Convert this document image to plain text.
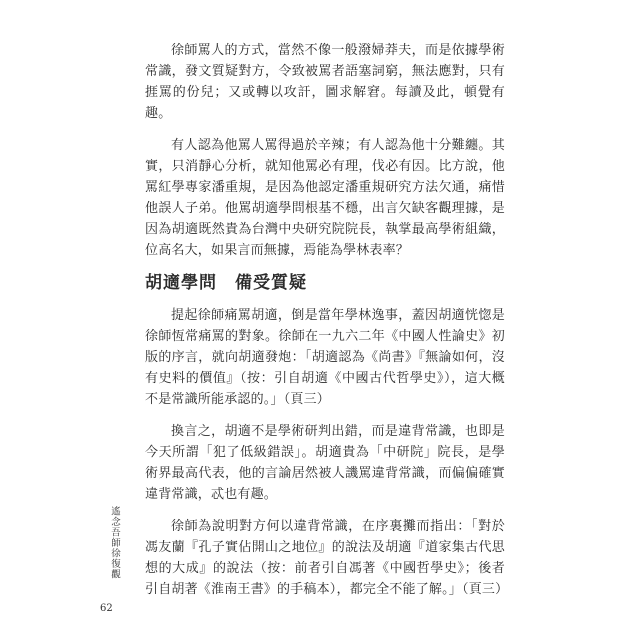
徐師罵人的方式，當然不像一般潑婦莽夫，而是依據學術常識，發文質疑對方，令致被罵者語塞詞窮，無法應對，只有捱罵的份兒；又或轉以攻訐，圖求解窘。每讀及此，頓覺有趣。

有人認為他罵人罵得過於辛辣；有人認為他十分難纏。其實，只消靜心分析，就知他罵必有理，伐必有因。比方說，他罵紅學專家潘重規，是因為他認定潘重規研究方法欠通，痛惜他誤人子弟。他罵胡適學問根基不穩，出言欠缺客觀理據，是因為胡適既然貴為台灣中央研究院院長，執掌最高學術組織，位高名大，如果言而無據，焉能為學林表率？

胡適學問　備受質疑

提起徐師痛罵胡適，倒是當年學林逸事，蓋因胡適恍惚是徐師恆常痛罵的對象。徐師在一九六二年《中國人性論史》初版的序言，就向胡適發炮：「胡適認為《尚書》『無論如何，沒有史料的價值』（按：引自胡適《中國古代哲學史》），這大概不是常識所能承認的。」（頁三）

換言之，胡適不是學術研判出錯，而是違背常識，也即是今天所謂「犯了低級錯誤」。胡適貴為「中研院」院長，是學術界最高代表，他的言論居然被人譏罵違背常識，而偏偏確實違背常識，忒也有趣。

徐師為說明對方何以違背常識，在序裏攤而指出：「對於馮友蘭『孔子實佔開山之地位』的說法及胡適『道家集古代思想的大成』的說法（按：前者引自馮著《中國哲學史》；後者引自胡著《淮南王書》的手稿本），都完全不能了解。」（頁三）

遙念吾師徐復觀
62
